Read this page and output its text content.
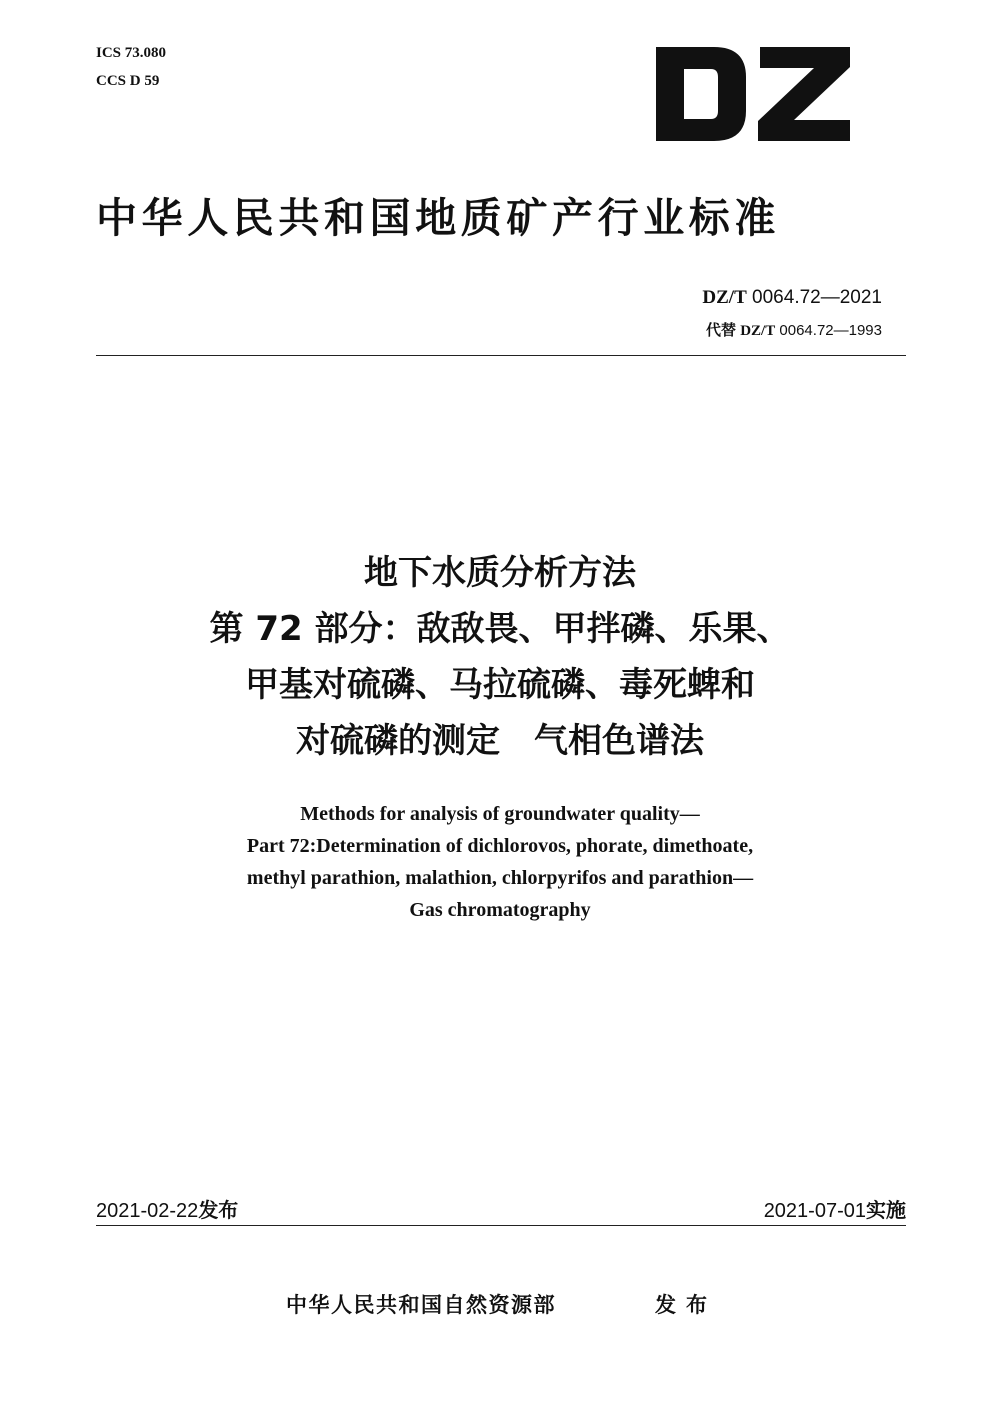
ICS 73.080
CCS D 59
中华人民共和国地质矿产行业标准
DZ/T 0064.72—2021
代替 DZ/T 0064.72—1993
地下水质分析方法
第 72 部分：敌敌畏、甲拌磷、乐果、
甲基对硫磷、马拉硫磷、毒死蜱和
对硫磷的测定　气相色谱法
Methods for analysis of groundwater quality—
Part 72:Determination of dichlorovos, phorate, dimethoate,
methyl parathion, malathion, chlorpyrifos and parathion—
Gas chromatography
2021-02-22发布	2021-07-01实施
中华人民共和国自然资源部	发布
